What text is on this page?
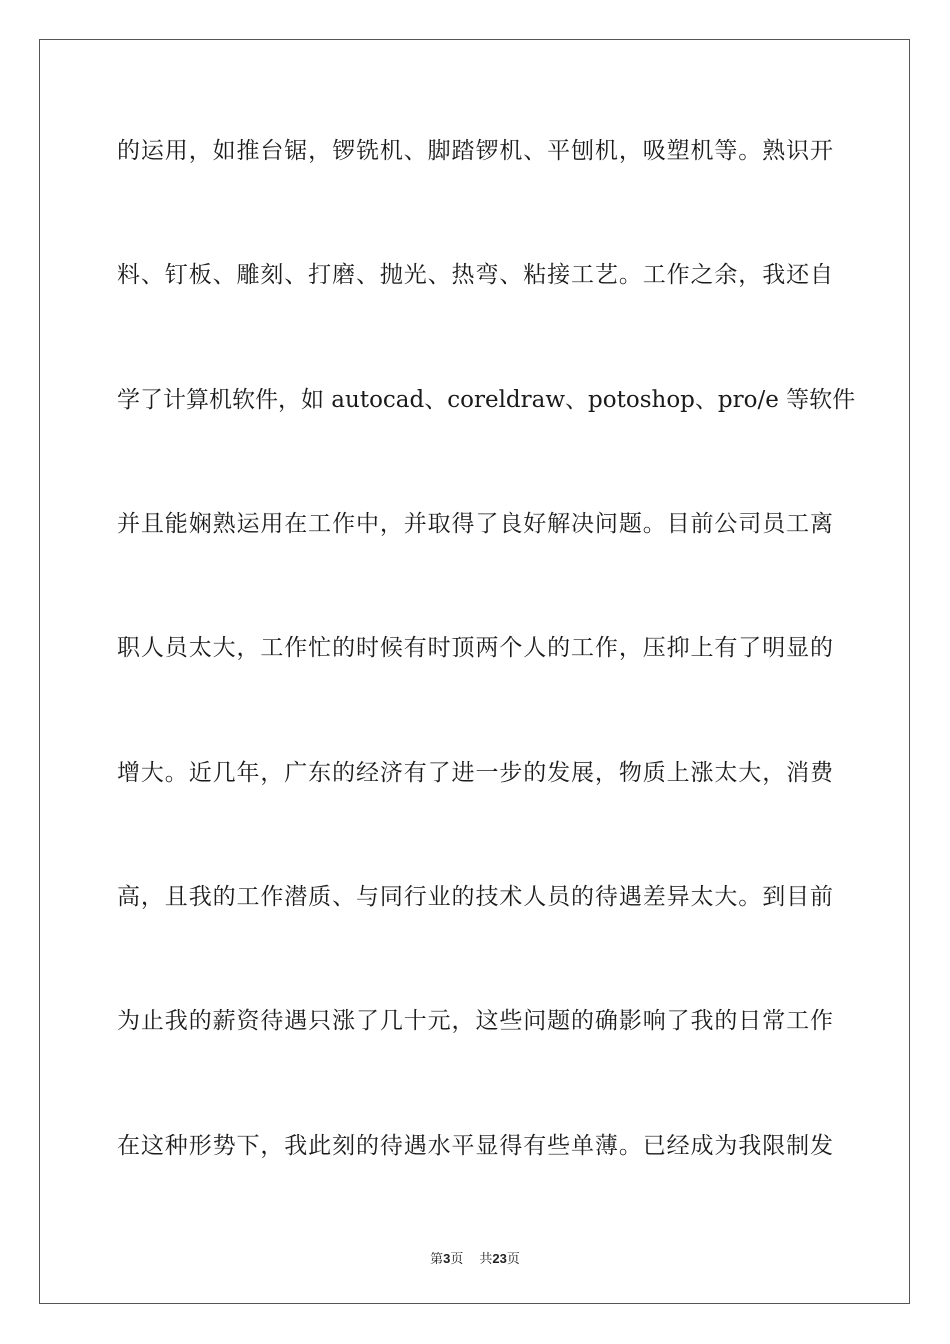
的运用，如推台锯，锣铣机、脚踏锣机、平刨机，吸塑机等。熟识开
料、钉板、雕刻、打磨、抛光、热弯、粘接工艺。工作之余，我还自
学了计算机软件，如 autocad、coreldraw、potoshop、pro/e 等软件
并且能娴熟运用在工作中，并取得了良好解决问题。目前公司员工离
职人员太大，工作忙的时候有时顶两个人的工作，压抑上有了明显的
增大。近几年，广东的经济有了进一步的发展，物质上涨太大，消费
高，且我的工作潜质、与同行业的技术人员的待遇差异太大。到目前
为止我的薪资待遇只涨了几十元，这些问题的确影响了我的日常工作
在这种形势下，我此刻的待遇水平显得有些单薄。已经成为我限制发
第3页 共23页
